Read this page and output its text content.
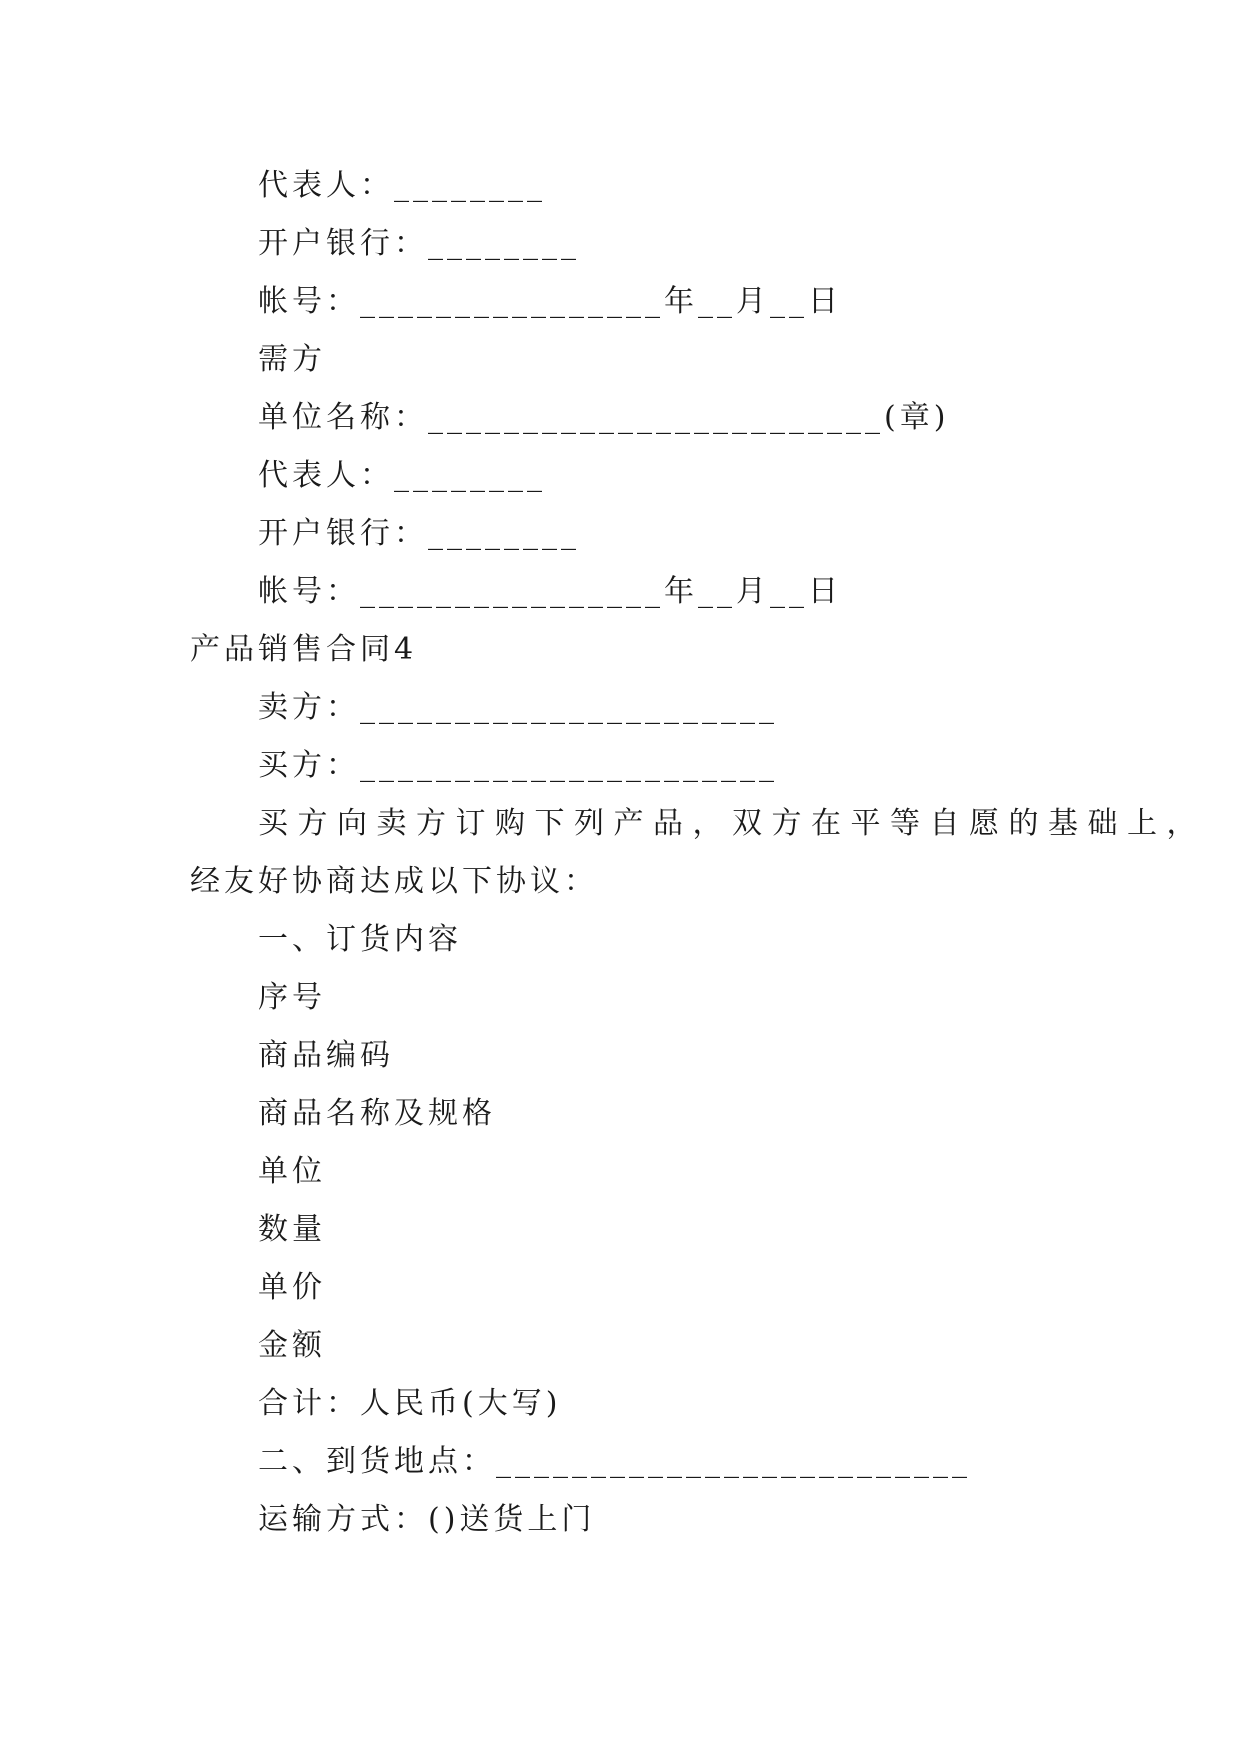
代表人：________
开户银行：________
帐号：________________年__月__日
需方
单位名称：________________________(章)
代表人：________
开户银行：________
帐号：________________年__月__日
产品销售合同4
卖方：______________________
买方：______________________
买方向卖方订购下列产品，双方在平等自愿的基础上，
经友好协商达成以下协议：
一、订货内容
序号
商品编码
商品名称及规格
单位
数量
单价
金额
合计：人民币(大写)
二、到货地点：_________________________
运输方式：()送货上门
